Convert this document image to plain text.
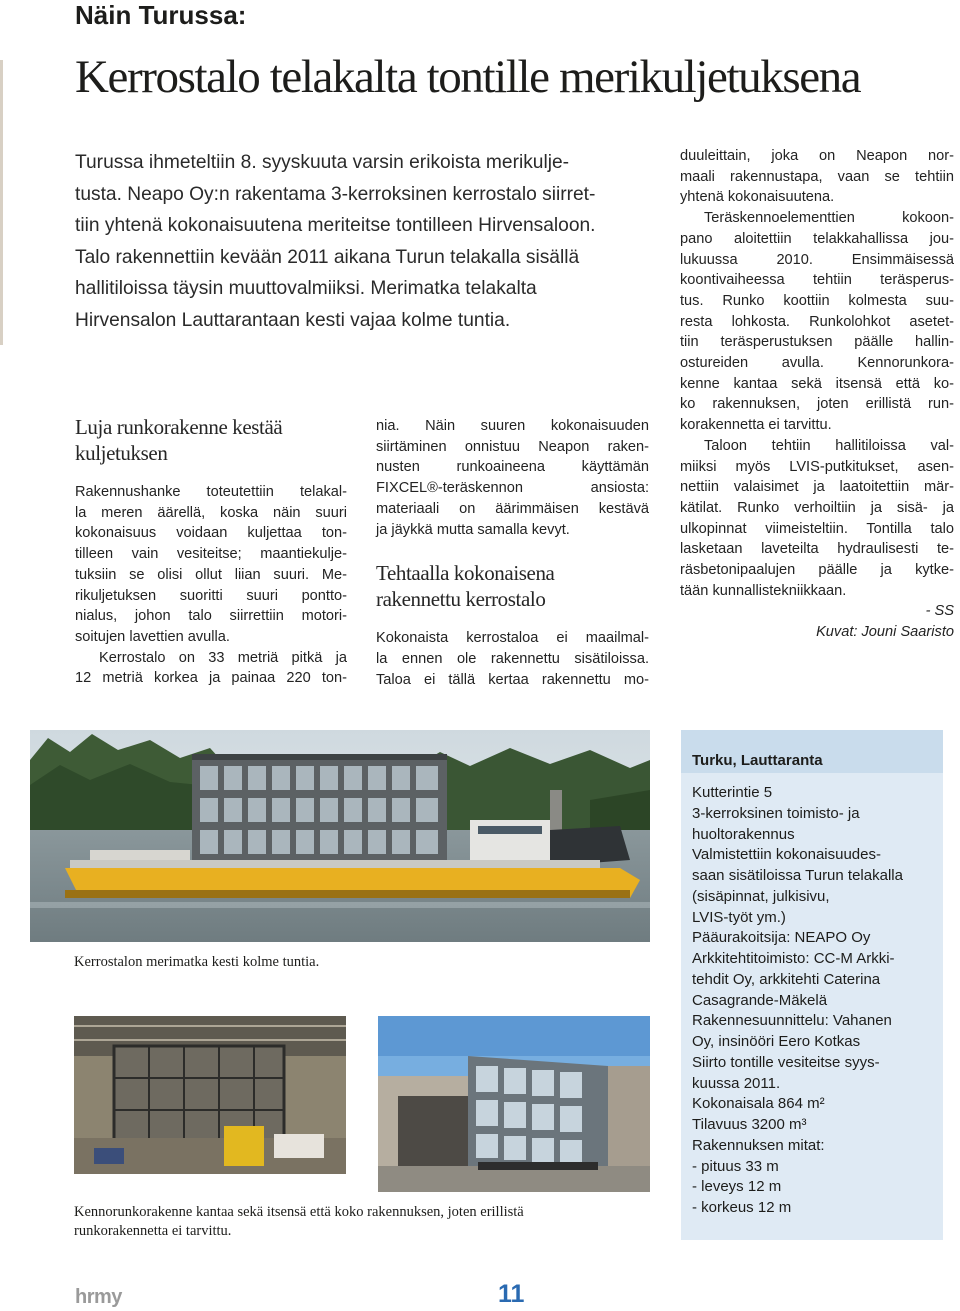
Näin Turussa:
Kerrostalo telakalta tontille merikuljetuksena

Turussa ihmeteltiin 8. syyskuuta varsin erikoista merikulje-

tusta. Neapo Oy:n rakentama 3-kerroksinen kerrostalo siirret-

tiin yhtenä kokonaisuutena meriteitse tontilleen Hirvensaloon.

Talo rakennettiin kevään 2011 aikana Turun telakalla sisällä

hallitiloissa täysin muuttovalmiiksi. Merimatka telakalta

Hirvensalon Lauttarantaan kesti vajaa kolme tuntia.

Luja runkorakenne kestää

kuljetuksen

Rakennushanke toteutettiin telakal-

la meren äärellä, koska näin suuri

kokonaisuus voidaan kuljettaa ton-

tilleen vain vesiteitse; maantiekulje-

tuksiin se olisi ollut liian suuri. Me-

rikuljetuksen suoritti suuri pontto-

nialus, johon talo siirrettiin motori-

soitujen lavettien avulla.

Kerrostalo on 33 metriä pitkä ja

12 metriä korkea ja painaa 220 ton-

nia. Näin suuren kokonaisuuden

siirtäminen onnistuu Neapon raken-

nusten runkoaineena käyttämän

FIXCEL®-teräskennon ansiosta:

materiaali on äärimmäisen kestävä

ja jäykkä mutta samalla kevyt.

Tehtaalla kokonaisena

rakennettu kerrostalo

Kokonaista kerrostaloa ei maailmal-

la ennen ole rakennettu sisätiloissa.

Taloa ei tällä kertaa rakennettu mo-

duuleittain, joka on Neapon nor-

maali rakennustapa, vaan se tehtiin

yhtenä kokonaisuutena.

Teräskennoelementtien kokoon-

pano aloitettiin telakkahallissa jou-

lukuussa 2010. Ensimmäisessä

koontivaiheessa tehtiin teräsperus-

tus. Runko koottiin kolmesta suu-

resta lohkosta. Runkolohkot asetet-

tiin teräsperustuksen päälle hallin-

ostureiden avulla. Kennorunkora-

kenne kantaa sekä itsensä että ko-

ko rakennuksen, joten erillistä run-

korakennetta ei tarvittu.

Taloon tehtiin hallitiloissa val-

miiksi myös LVIS-putkitukset, asen-

nettiin valaisimet ja laatoitettiin mär-

kätilat. Runko verhoiltiin ja sisä- ja

ulkopinnat viimeisteltiin. Tontilla talo

lasketaan laveteilta hydraulisesti te-

räsbetonipaalujen päälle ja kytke-

tään kunnallistekniikkaan.

- SS

Kuvat: Jouni Saaristo

Kerrostalon merimatka kesti kolme tuntia.

Kennorunkorakenne kantaa sekä itsensä että koko rakennuksen, joten erillistä

runkorakennetta ei tarvittu.

Turku, Lauttaranta

Kutterintie 5

3-kerroksinen toimisto- ja

huoltorakennus

Valmistettiin kokonaisuudes-

saan sisätiloissa Turun telakalla

(sisäpinnat, julkisivu,

LVIS-työt ym.)

Pääurakoitsija: NEAPO Oy

Arkkitehtitoimisto: CC-M Arkki-

tehdit Oy, arkkitehti Caterina

Casagrande-Mäkelä

Rakennesuunnittelu: Vahanen

Oy, insinööri Eero Kotkas

Siirto tontille vesiteitse syys-

kuussa 2011.

Kokonaisala 864 m²

Tilavuus 3200 m³

Rakennuksen mitat:

- pituus 33 m

- leveys 12 m

- korkeus 12 m

hrmy	11
